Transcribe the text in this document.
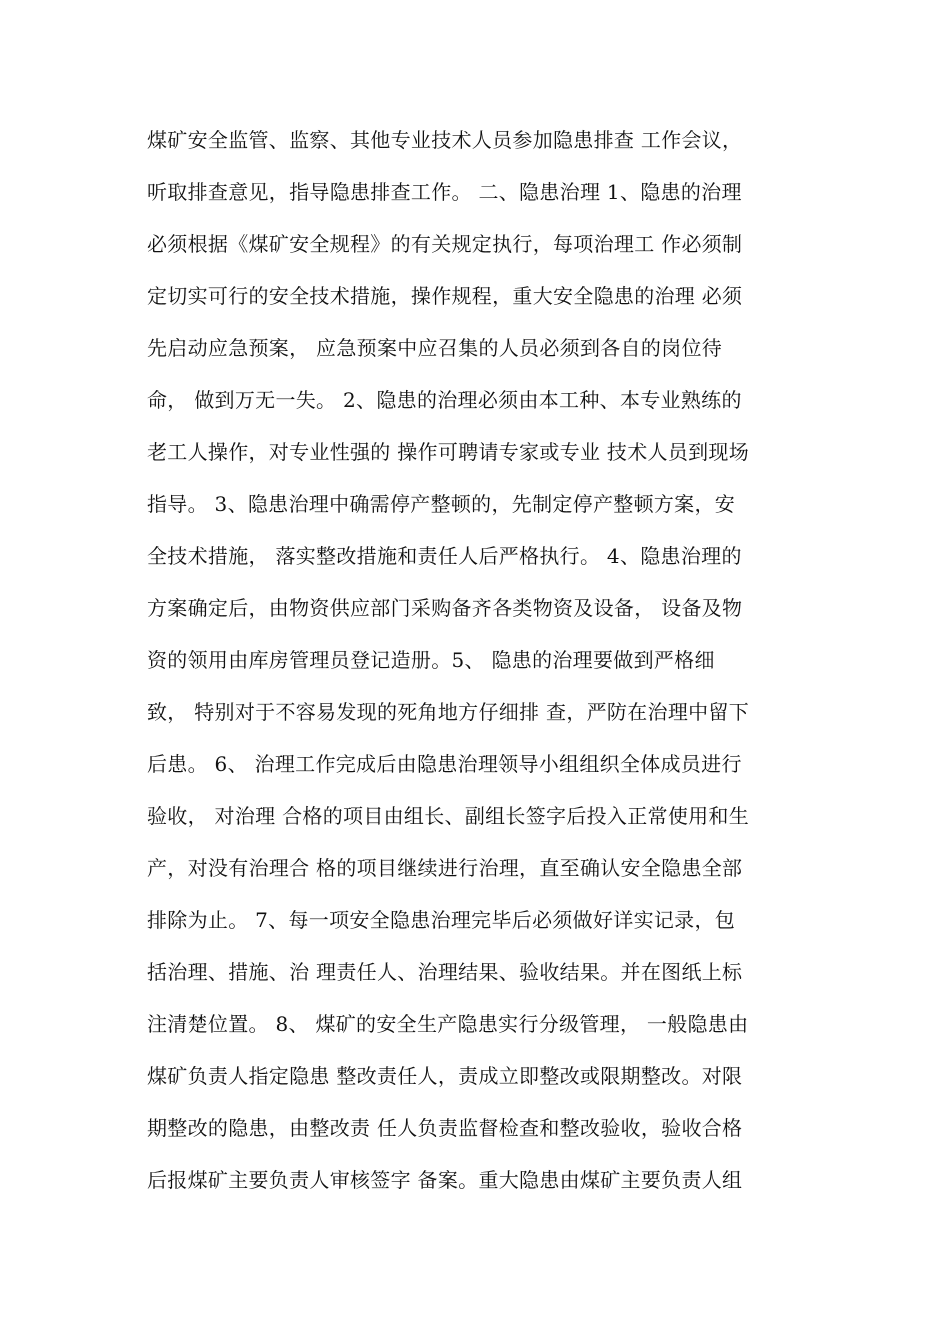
煤矿安全监管、监察、其他专业技术人员参加隐患排查 工作会议，
听取排查意见，指导隐患排查工作。 二、隐患治理 1、隐患的治理
必须根据《煤矿安全规程》的有关规定执行，每项治理工 作必须制
定切实可行的安全技术措施，操作规程，重大安全隐患的治理 必须
先启动应急预案， 应急预案中应召集的人员必须到各自的岗位待
命， 做到万无一失。 2、隐患的治理必须由本工种、本专业熟练的
老工人操作，对专业性强的 操作可聘请专家或专业 技术人员到现场
指导。 3、隐患治理中确需停产整顿的，先制定停产整顿方案，安
全技术措施， 落实整改措施和责任人后严格执行。 4、隐患治理的
方案确定后，由物资供应部门采购备齐各类物资及设备， 设备及物
资的领用由库房管理员登记造册。5、 隐患的治理要做到严格细
致， 特别对于不容易发现的死角地方仔细排 查，严防在治理中留下
后患。 6、 治理工作完成后由隐患治理领导小组组织全体成员进行
验收， 对治理 合格的项目由组长、副组长签字后投入正常使用和生
产，对没有治理合 格的项目继续进行治理，直至确认安全隐患全部
排除为止。 7、每一项安全隐患治理完毕后必须做好详实记录，包
括治理、措施、治 理责任人、治理结果、验收结果。并在图纸上标
注清楚位置。 8、 煤矿的安全生产隐患实行分级管理， 一般隐患由
煤矿负责人指定隐患 整改责任人，责成立即整改或限期整改。对限
期整改的隐患，由整改责 任人负责监督检查和整改验收，验收合格
后报煤矿主要负责人审核签字 备案。重大隐患由煤矿主要负责人组
